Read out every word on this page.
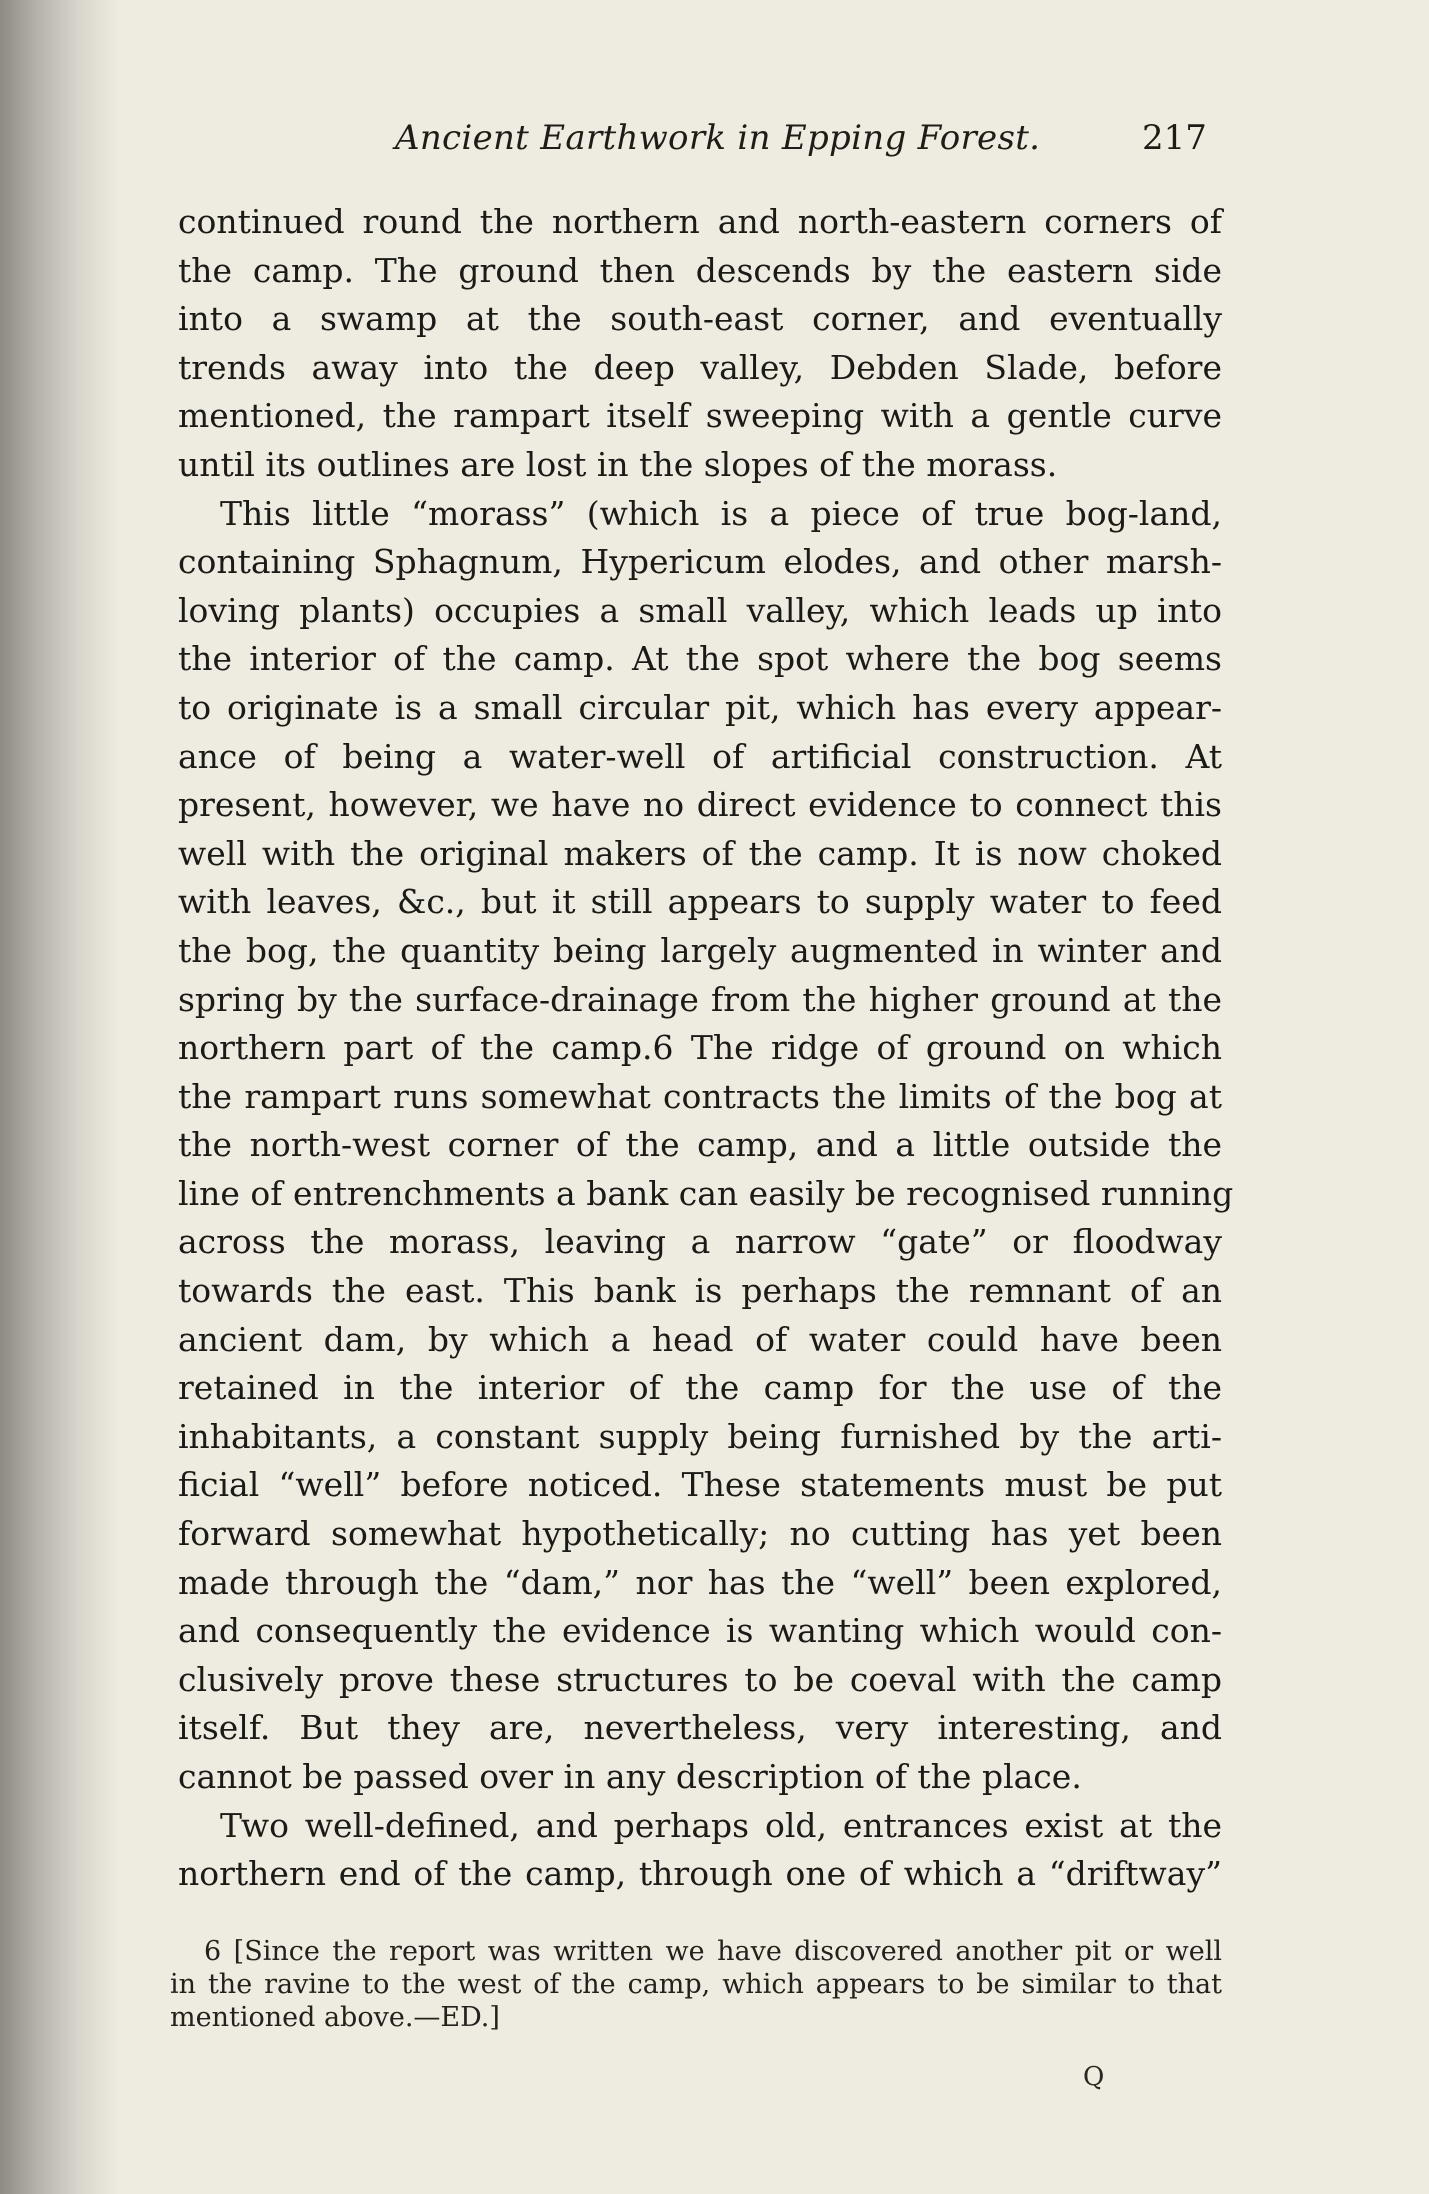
Ancient Earthwork in Epping Forest.	217
continued round the northern and north-eastern corners of
the camp. The ground then descends by the eastern side
into a swamp at the south-east corner, and eventually
trends away into the deep valley, Debden Slade, before
mentioned, the rampart itself sweeping with a gentle curve
until its outlines are lost in the slopes of the morass.
This little “morass” (which is a piece of true bog-land,
containing Sphagnum, Hypericum elodes, and other marsh-
loving plants) occupies a small valley, which leads up into
the interior of the camp. At the spot where the bog seems
to originate is a small circular pit, which has every appear-
ance of being a water-well of artificial construction. At
present, however, we have no direct evidence to connect this
well with the original makers of the camp. It is now choked
with leaves, &c., but it still appears to supply water to feed
the bog, the quantity being largely augmented in winter and
spring by the surface-drainage from the higher ground at the
northern part of the camp.6 The ridge of ground on which
the rampart runs somewhat contracts the limits of the bog at
the north-west corner of the camp, and a little outside the
line of entrenchments a bank can easily be recognised running
across the morass, leaving a narrow “gate” or floodway
towards the east. This bank is perhaps the remnant of an
ancient dam, by which a head of water could have been
retained in the interior of the camp for the use of the
inhabitants, a constant supply being furnished by the arti-
ficial “well” before noticed. These statements must be put
forward somewhat hypothetically; no cutting has yet been
made through the “dam,” nor has the “well” been explored,
and consequently the evidence is wanting which would con-
clusively prove these structures to be coeval with the camp
itself. But they are, nevertheless, very interesting, and
cannot be passed over in any description of the place.
Two well-defined, and perhaps old, entrances exist at the
northern end of the camp, through one of which a “driftway”
6 [Since the report was written we have discovered another pit or well
in the ravine to the west of the camp, which appears to be similar to that
mentioned above.—ED.]
Q
